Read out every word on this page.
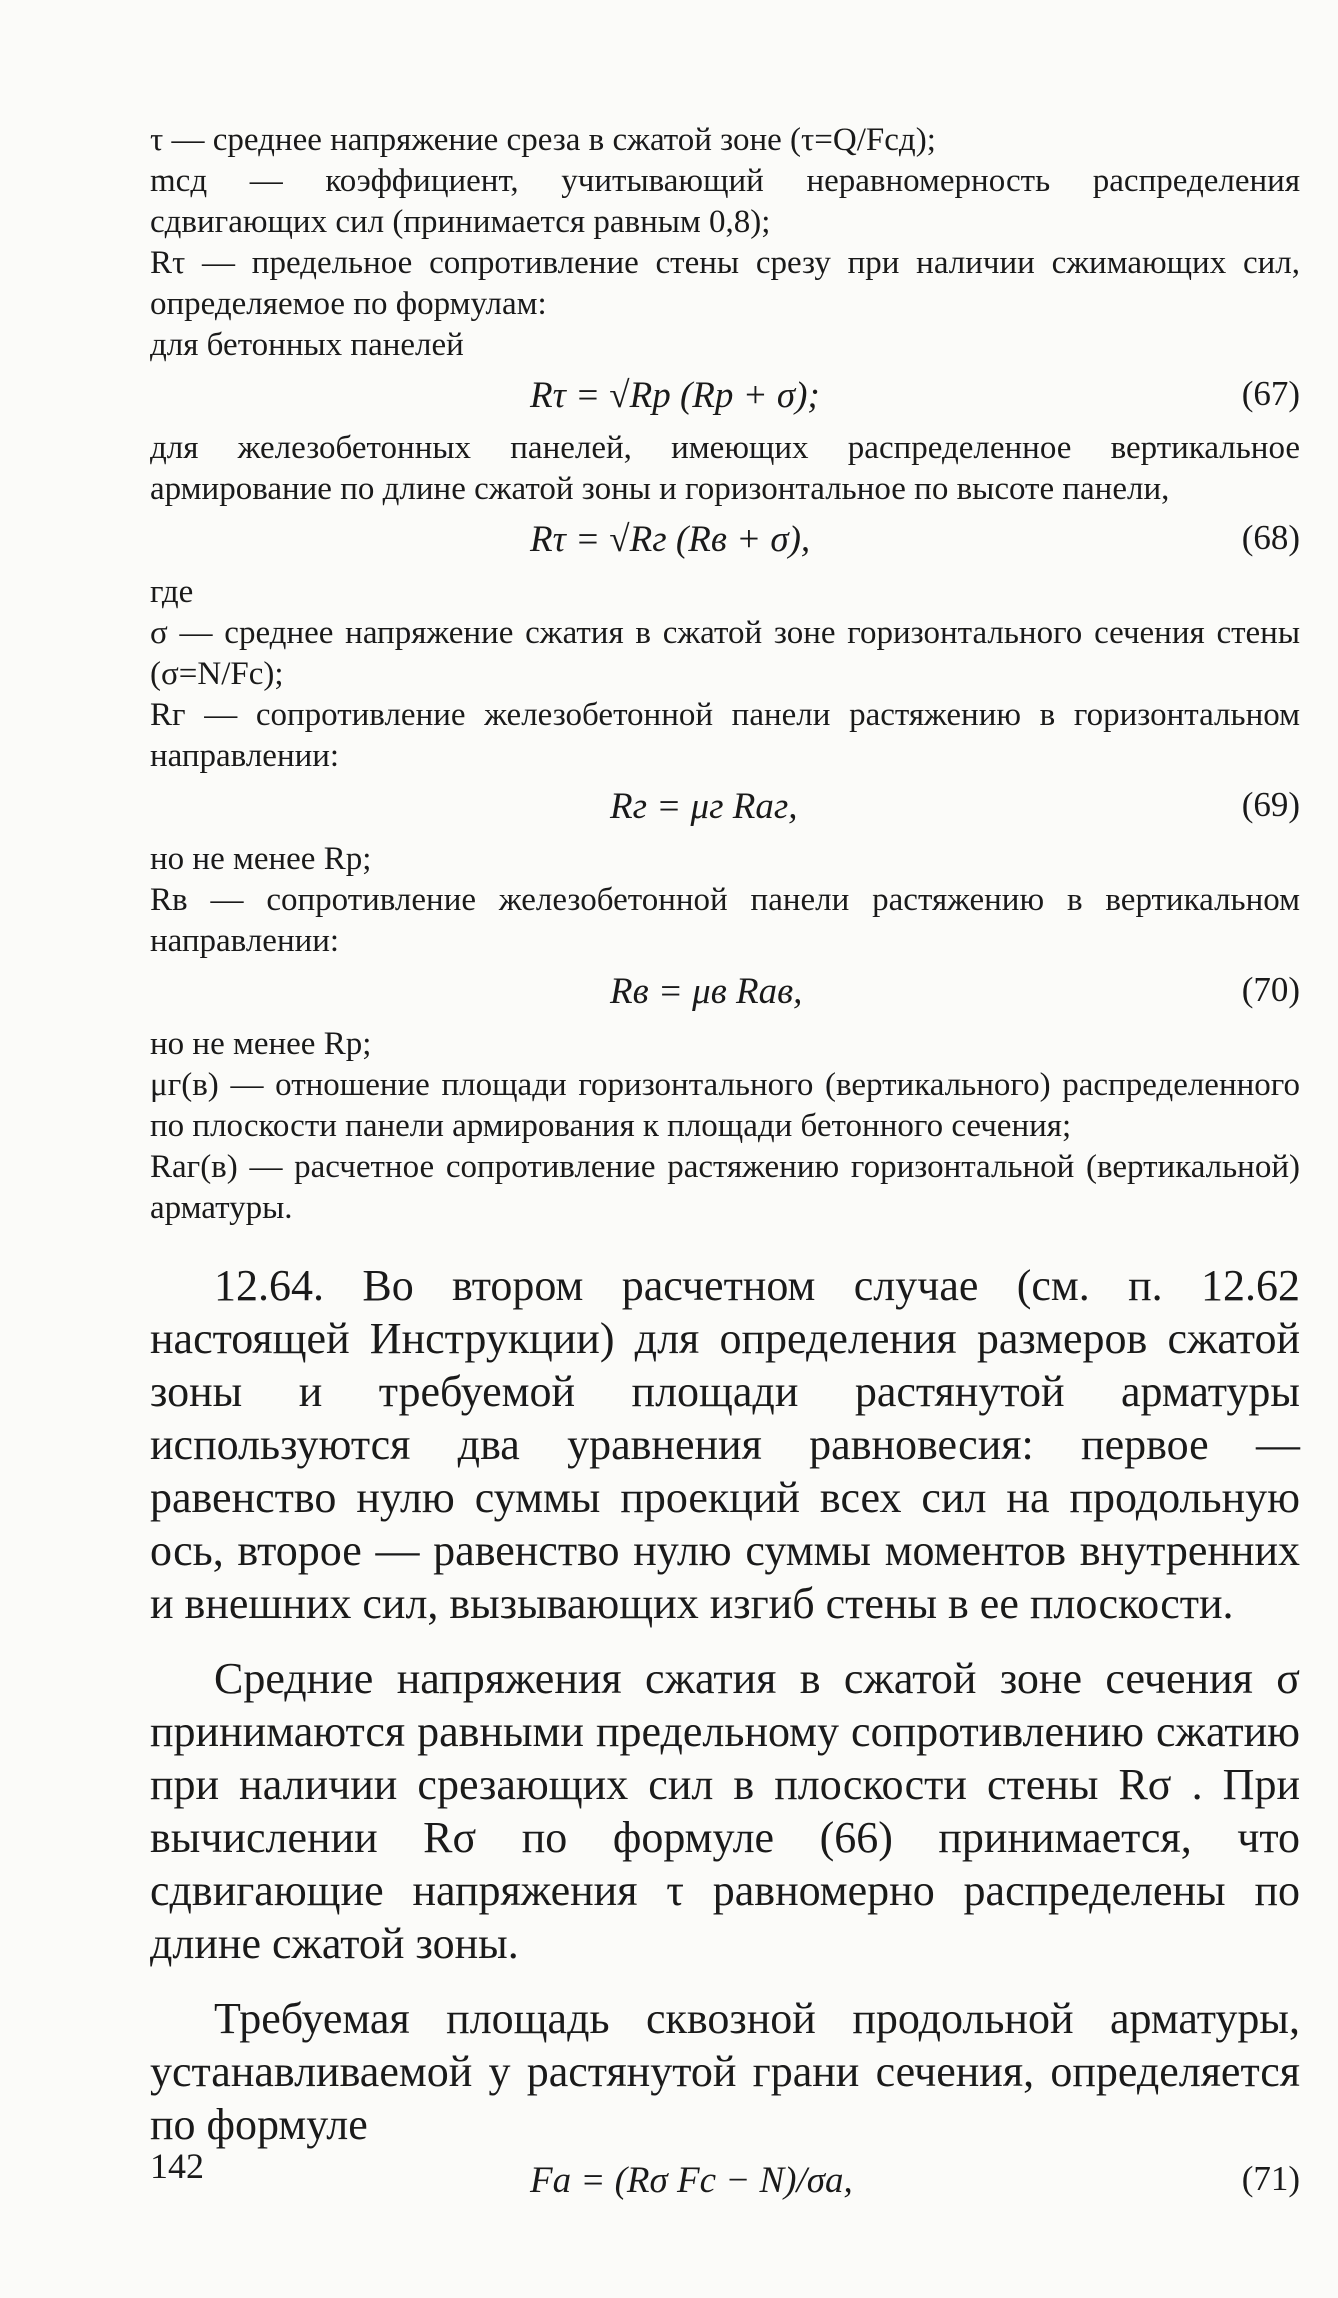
τ — среднее напряжение среза в сжатой зоне (τ=Q/Fсд);

mсд — коэффициент, учитывающий неравномерность распределения сдвигающих сил (принимается равным 0,8);

Rτ — предельное сопротивление стены срезу при наличии сжимающих сил, определяемое по формулам:

для бетонных панелей

Rτ = √Rр (Rр + σ);	(67)

для железобетонных панелей, имеющих распределенное вертикальное армирование по длине сжатой зоны и горизонтальное по высоте панели,

Rτ = √Rг (Rв + σ),	(68)

где

σ — среднее напряжение сжатия в сжатой зоне горизонтального сечения стены (σ=N/Fс);

Rг — сопротивление железобетонной панели растяжению в горизонтальном направлении:

Rг = μг Rаг,	(69)

но не менее Rр;

Rв — сопротивление железобетонной панели растяжению в вертикальном направлении:

Rв = μв Rав,	(70)

но не менее Rр;

μг(в) — отношение площади горизонтального (вертикального) распределенного по плоскости панели армирования к площади бетонного сечения;

Rаг(в) — расчетное сопротивление растяжению горизонтальной (вертикальной) арматуры.

12.64. Во втором расчетном случае (см. п. 12.62 настоящей Инструкции) для определения размеров сжатой зоны и требуемой площади растянутой арматуры используются два уравнения равновесия: первое — равенство нулю суммы проекций всех сил на продольную ось, второе — равенство нулю суммы моментов внутренних и внешних сил, вызывающих изгиб стены в ее плоскости.

Средние напряжения сжатия в сжатой зоне сечения σ принимаются равными предельному сопротивлению сжатию при наличии срезающих сил в плоскости стены Rσ . При вычислении Rσ по формуле (66) принимается, что сдвигающие напряжения τ равномерно распределены по длине сжатой зоны.

Требуемая площадь сквозной продольной арматуры, устанавливаемой у растянутой грани сечения, определяется по формуле

Fа = (Rσ Fс − N)/σа,	(71)
142
